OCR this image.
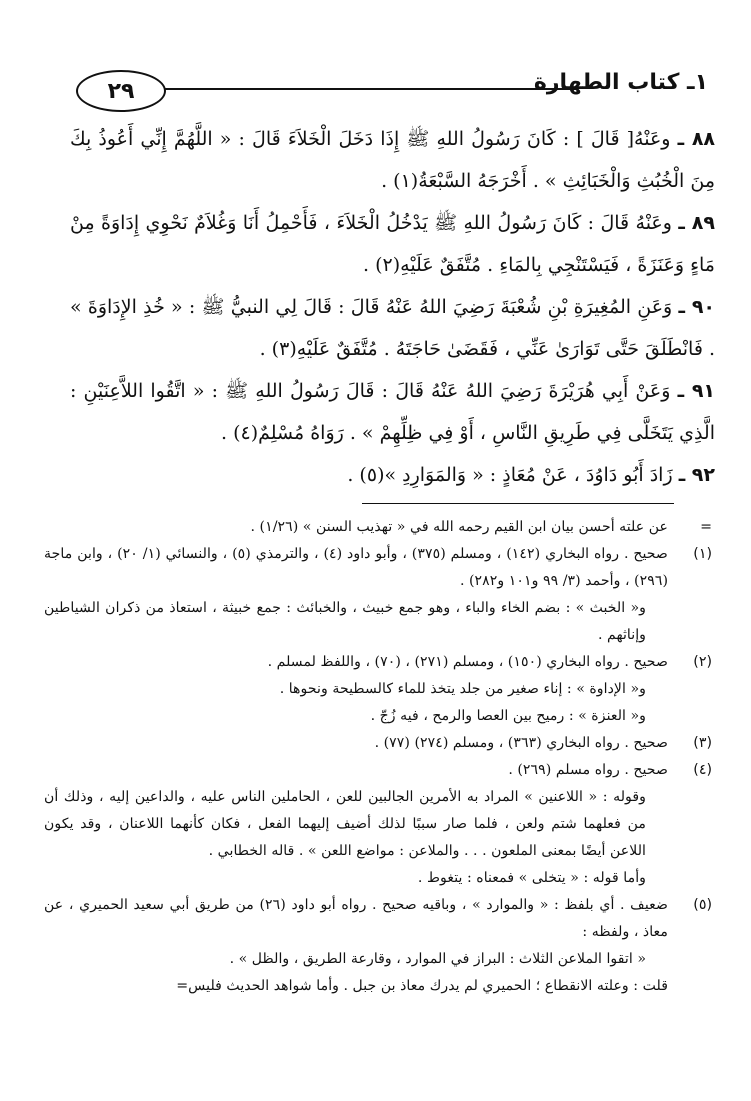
٢٩	١ـ كتاب الطهارة

٨٨ ـ وعَنْهُ[ قَالَ ] : كَانَ رَسُولُ اللهِ ﷺ إِذَا دَخَلَ الْخَلاَءَ قَالَ : « اللَّهُمَّ إِنِّي أَعُوذُ بِكَ مِنَ الْخُبُثِ وَالْخَبَائِثِ » . أَخْرَجَهُ السَّبْعَةُ(١) .

٨٩ ـ وعَنْهُ قَالَ : كَانَ رَسُولُ اللهِ ﷺ يَدْخُلُ الْخَلاَءَ ، فَأَحْمِلُ أَنَا وَغُلاَمٌ نَحْوِي إِدَاوَةً مِنْ مَاءٍ وَعَنَزَةً ، فَيَسْتَنْجِي بِالمَاءِ . مُتَّفَقٌ عَلَيْهِ(٢) .

٩٠ ـ وَعَنِ المُغِيرَةِ بْنِ شُعْبَةَ رَضِيَ اللهُ عَنْهُ قَالَ : قَالَ لِي النبيُّ ﷺ : « خُذِ الإِدَاوَةَ » . فَانْطَلَقَ حَتَّى تَوَارَىٰ عَنِّي ، فَقَضَىٰ حَاجَتَهُ . مُتَّفَقٌ عَلَيْهِ(٣) .

٩١ ـ وَعَنْ أَبِي هُرَيْرَةَ رَضِيَ اللهُ عَنْهُ قَالَ : قَالَ رَسُولُ اللهِ ﷺ : « اتَّقُوا اللاَّعِنَيْنِ : الَّذِي يَتَخَلَّى فِي طَرِيقِ النَّاسِ ، أَوْ فِي ظِلِّهِمْ » . رَوَاهُ مُسْلِمٌ(٤) .

٩٢ ـ زَادَ أَبُو دَاوُدَ ، عَنْ مُعَاذٍ : « وَالمَوَارِدِ »(٥) .

=
عن علته أحسن بيان ابن القيم رحمه الله في « تهذيب السنن » (١/٢٦) .
(١)
صحيح . رواه البخاري (١٤٢) ، ومسلم (٣٧٥) ، وأبو داود (٤) ، والترمذي (٥) ، والنسائي (١/ ٢٠) ، وابن ماجة (٢٩٦) ، وأحمد (٣/ ٩٩ و١٠١ و٢٨٢) .
و« الخبث » : بضم الخاء والباء ، وهو جمع خبيث ، والخبائث : جمع خبيثة ، استعاذ من ذكران الشياطين وإناثهم .
(٢)
صحيح . رواه البخاري (١٥٠) ، ومسلم (٢٧١) ، (٧٠) ، واللفظ لمسلم .
و« الإداوة » : إناء صغير من جلد يتخذ للماء كالسطيحة ونحوها .
و« العنزة » : رميح بين العصا والرمح ، فيه زُجّ .
(٣)
صحيح . رواه البخاري (٣٦٣) ، ومسلم (٢٧٤) (٧٧) .
(٤)
صحيح . رواه مسلم (٢٦٩) .
وقوله : « اللاعنين » المراد به الأمرين الجالبين للعن ، الحاملين الناس عليه ، والداعين إليه ، وذلك أن من فعلهما شتم ولعن ، فلما صار سببًا لذلك أضيف إليهما الفعل ، فكان كأنهما اللاعنان ، وقد يكون اللاعن أيضًا بمعنى الملعون . . . والملاعن : مواضع اللعن » . قاله الخطابي .
وأما قوله : « يتخلى » فمعناه : يتغوط .
(٥)
ضعيف . أي بلفظ : « والموارد » ، وباقيه صحيح . رواه أبو داود (٢٦) من طريق أبي سعيد الحميري ، عن معاذ ، ولفظه :
« اتقوا الملاعن الثلاث : البراز في الموارد ، وقارعة الطريق ، والظل » .
قلت : وعلته الانقطاع ؛ الحميري لم يدرك معاذ بن جبل . وأما شواهد الحديث فليس=
